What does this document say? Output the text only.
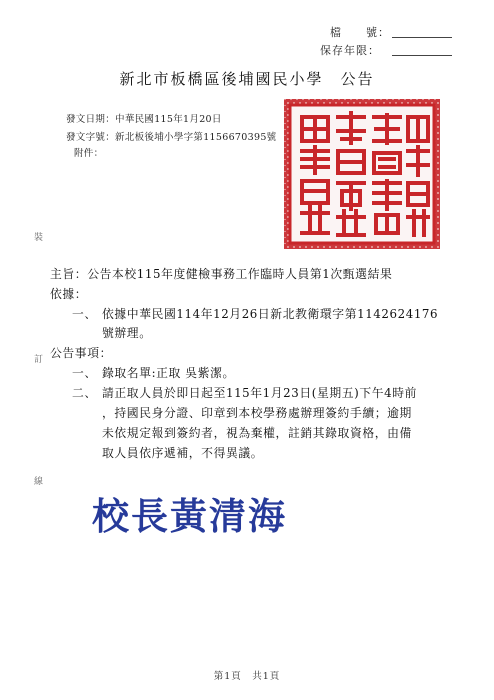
檔　　號：
保存年限：
新北市板橋區後埔國民小學　公告
發文日期：中華民國115年1月20日
發文字號：新北板後埔小學字第1156670395號
附件：
裝
訂
線
主旨：公告本校115年度健檢事務工作臨時人員第1次甄選結果
依據：
一、 依據中華民國114年12月26日新北教衛環字第1142624176
號辦理。
公告事項：
一、 錄取名單:正取 吳紫潔。
二、 請正取人員於即日起至115年1月23日(星期五)下午4時前
，持國民身分證、印章到本校學務處辦理簽約手續；逾期
未依規定報到簽約者，視為棄權，註銷其錄取資格，由備
取人員依序遞補，不得異議。
校長黃清海
第1頁　共1頁
